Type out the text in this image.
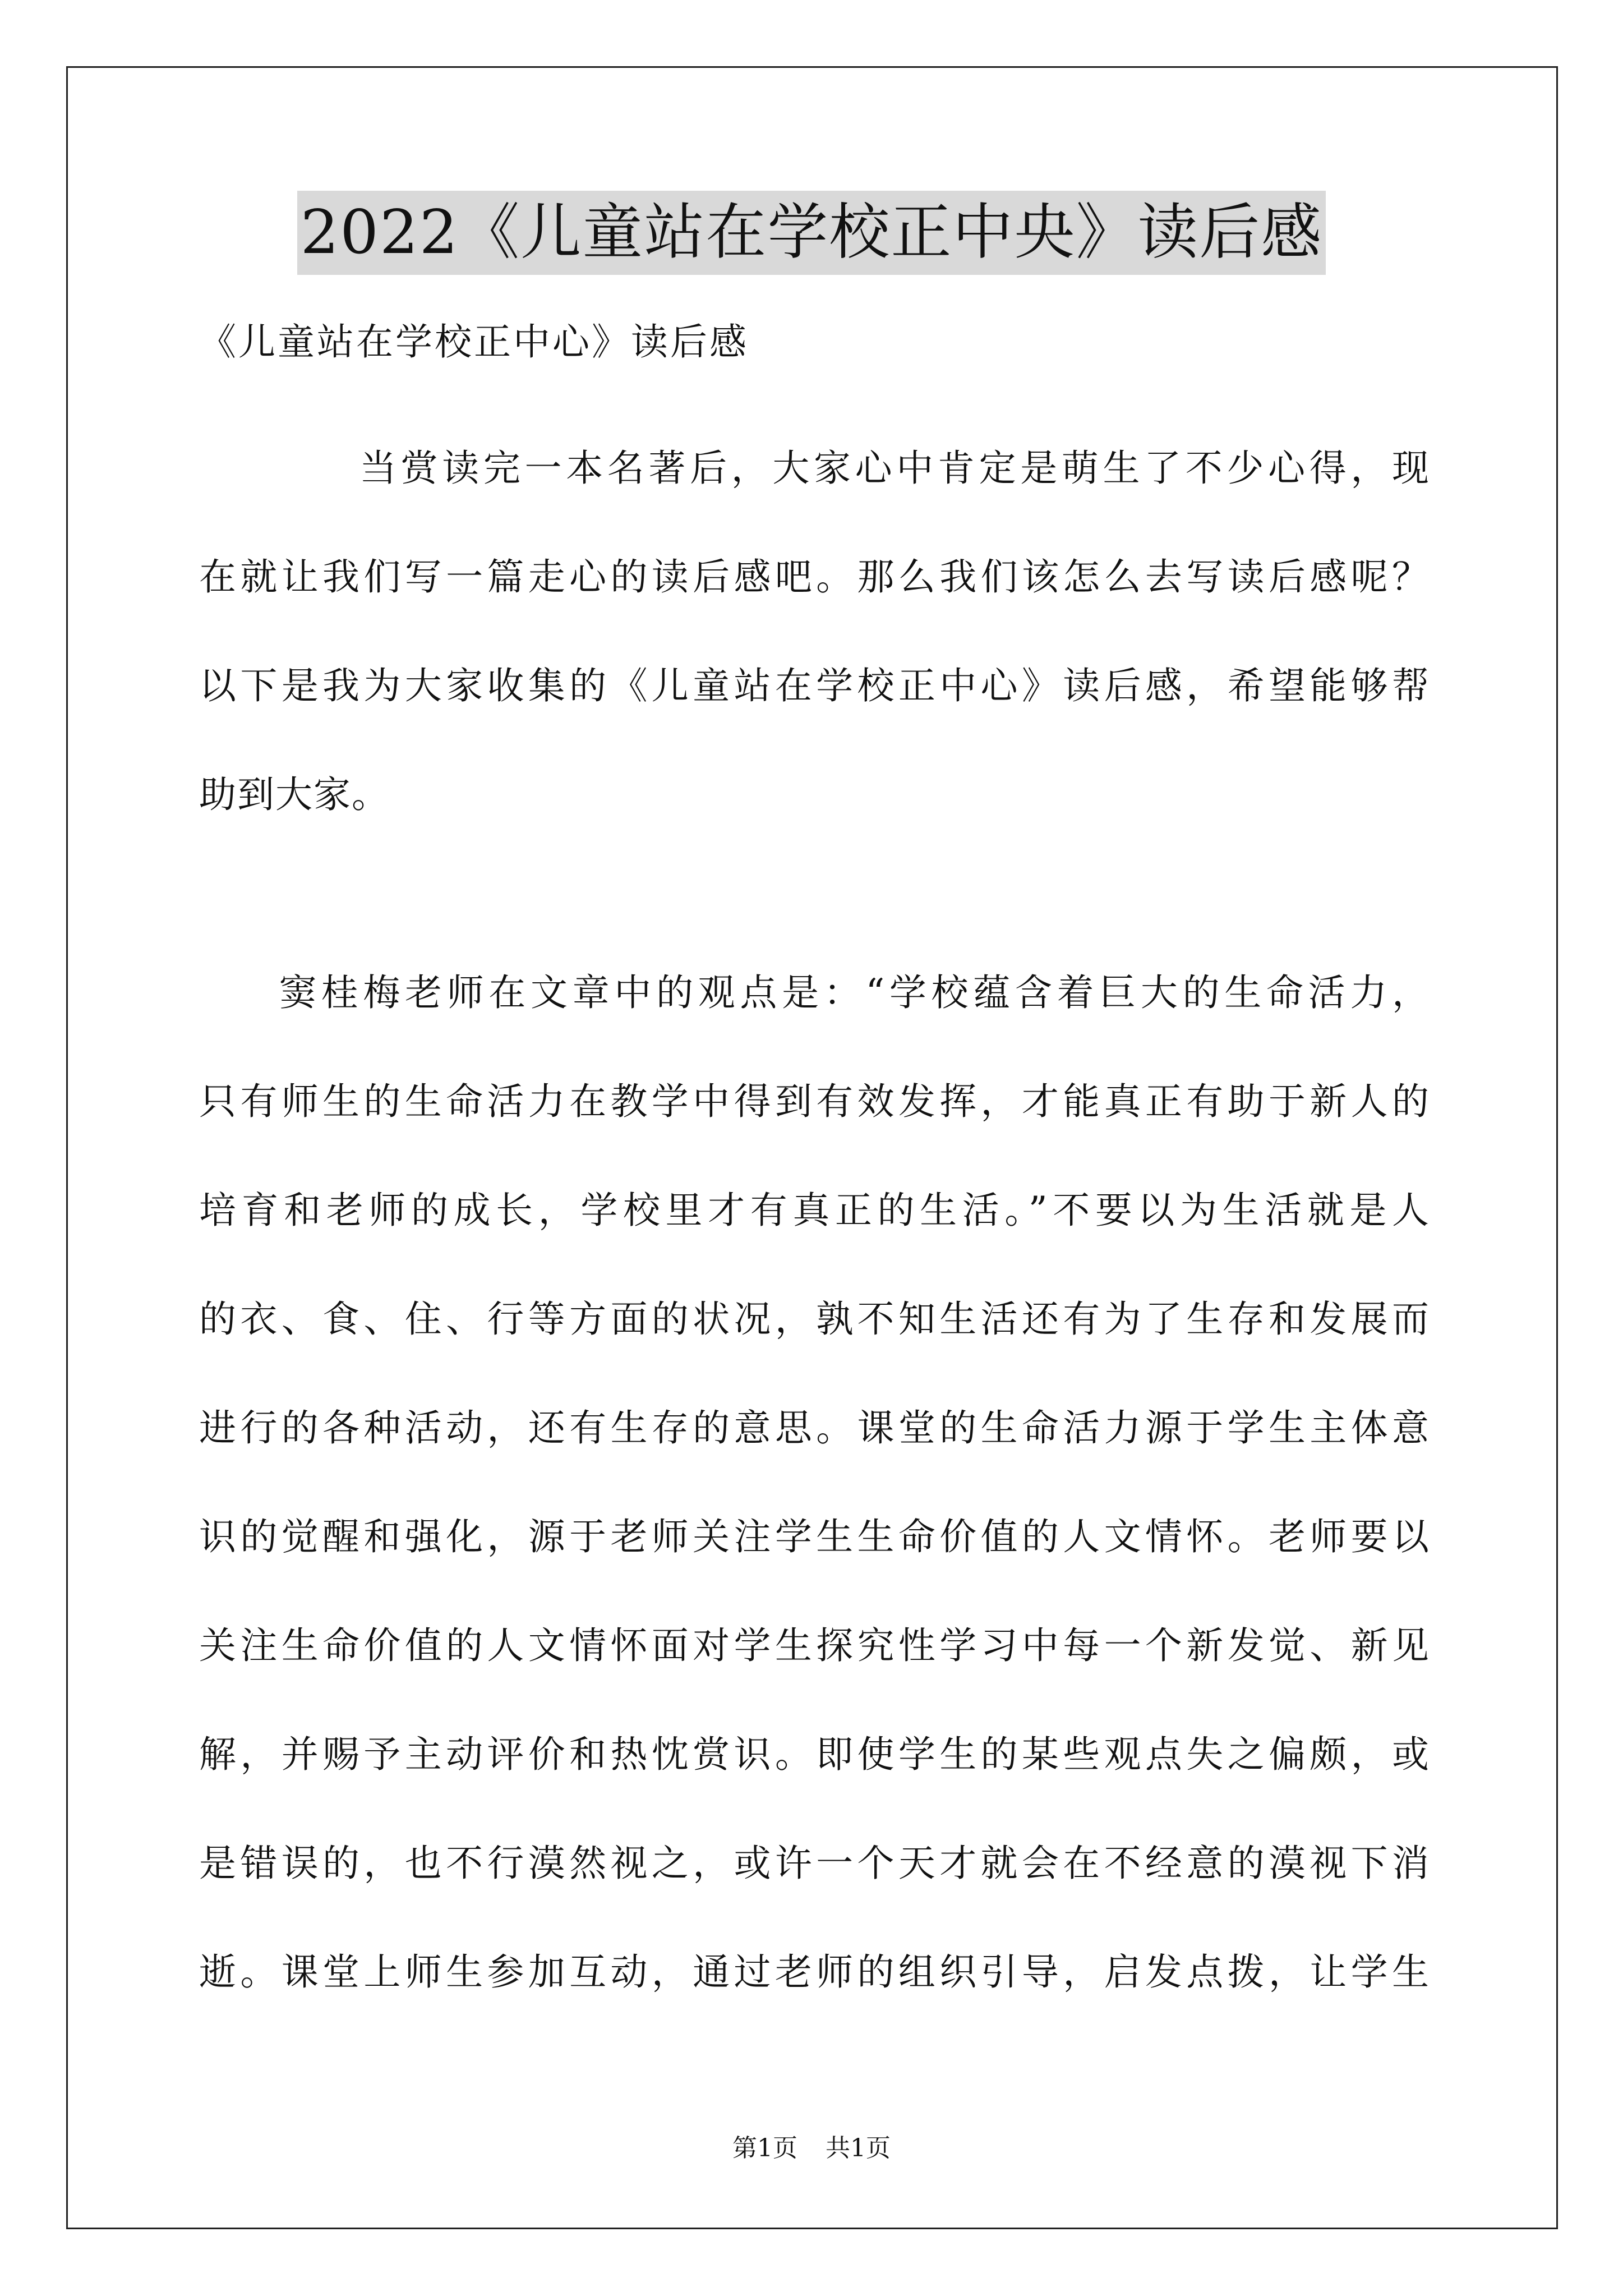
2022《儿童站在学校正中央》读后感
《儿童站在学校正中心》读后感
当赏读完一本名著后，大家心中肯定是萌生了不少心得，现
在就让我们写一篇走心的读后感吧。那么我们该怎么去写读后感呢？
以下是我为大家收集的《儿童站在学校正中心》读后感，希望能够帮
助到大家。
窦桂梅老师在文章中的观点是：“学校蕴含着巨大的生命活力，
只有师生的生命活力在教学中得到有效发挥，才能真正有助于新人的
培育和老师的成长，学校里才有真正的生活。”不要以为生活就是人
的衣、食、住、行等方面的状况，孰不知生活还有为了生存和发展而
进行的各种活动，还有生存的意思。课堂的生命活力源于学生主体意
识的觉醒和强化，源于老师关注学生生命价值的人文情怀。老师要以
关注生命价值的人文情怀面对学生探究性学习中每一个新发觉、新见
解，并赐予主动评价和热忱赏识。即使学生的某些观点失之偏颇，或
是错误的，也不行漠然视之，或许一个天才就会在不经意的漠视下消
逝。课堂上师生参加互动，通过老师的组织引导，启发点拨，让学生
第1页 共1页
